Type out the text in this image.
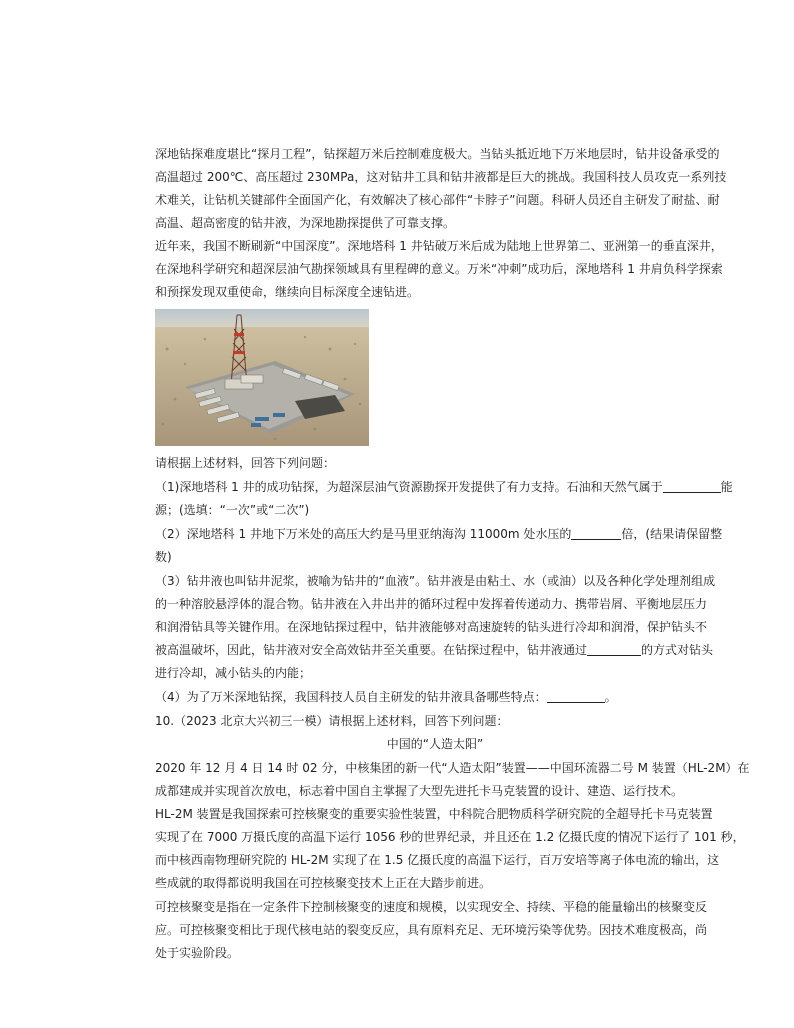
深地钻探难度堪比“探月工程”，钻探超万米后控制难度极大。当钻头抵近地下万米地层时，钻井设备承受的
高温超过 200℃、高压超过 230MPa，这对钻井工具和钻井液都是巨大的挑战。我国科技人员攻克一系列技
术难关，让钻机关键部件全面国产化，有效解决了核心部件“卡脖子”问题。科研人员还自主研发了耐盐、耐
高温、超高密度的钻井液，为深地勘探提供了可靠支撑。
近年来，我国不断刷新“中国深度”。深地塔科 1 井钻破万米后成为陆地上世界第二、亚洲第一的垂直深井，
在深地科学研究和超深层油气勘探领域具有里程碑的意义。万米“冲刺”成功后，深地塔科 1 井肩负科学探索
和预探发现双重使命，继续向目标深度全速钻进。
请根据上述材料，回答下列问题：
（1)深地塔科 1 井的成功钻探，为超深层油气资源勘探开发提供了有力支持。石油和天然气属于	能
源；(选填：“一次”或“二次”)
（2）深地塔科 1 井地下万米处的高压大约是马里亚纳海沟 11000m 处水压的	倍，(结果请保留整
数)
（3）钻井液也叫钻井泥浆，被喻为钻井的“血液”。钻井液是由粘土、水（或油）以及各种化学处理剂组成
的一种溶胶悬浮体的混合物。钻井液在入井出井的循环过程中发挥着传递动力、携带岩屑、平衡地层压力
和润滑钻具等关键作用。在深地钻探过程中，钻井液能够对高速旋转的钻头进行冷却和润滑，保护钻头不
被高温破坏，因此，钻井液对安全高效钻井至关重要。在钻探过程中，钻井液通过	的方式对钻头
进行冷却，减小钻头的内能；
（4）为了万米深地钻探，我国科技人员自主研发的钻井液具备哪些特点：	。
10.（2023 北京大兴初三一模）请根据上述材料，回答下列问题：
中国的“人造太阳”
2020 年 12 月 4 日 14 时 02 分，中核集团的新一代“人造太阳”装置——中国环流器二号 M 装置（HL-2M）在
成都建成并实现首次放电，标志着中国自主掌握了大型先进托卡马克装置的设计、建造、运行技术。
HL-2M 装置是我国探索可控核聚变的重要实验性装置，中科院合肥物质科学研究院的全超导托卡马克装置
实现了在 7000 万摄氏度的高温下运行 1056 秒的世界纪录，并且还在 1.2 亿摄氏度的情况下运行了 101 秒，
而中核西南物理研究院的 HL-2M 实现了在 1.5 亿摄氏度的高温下运行，百万安培等离子体电流的输出，这
些成就的取得都说明我国在可控核聚变技术上正在大踏步前进。
可控核聚变是指在一定条件下控制核聚变的速度和规模，以实现安全、持续、平稳的能量输出的核聚变反
应。可控核聚变相比于现代核电站的裂变反应，具有原料充足、无环境污染等优势。因技术难度极高，尚
处于实验阶段。
